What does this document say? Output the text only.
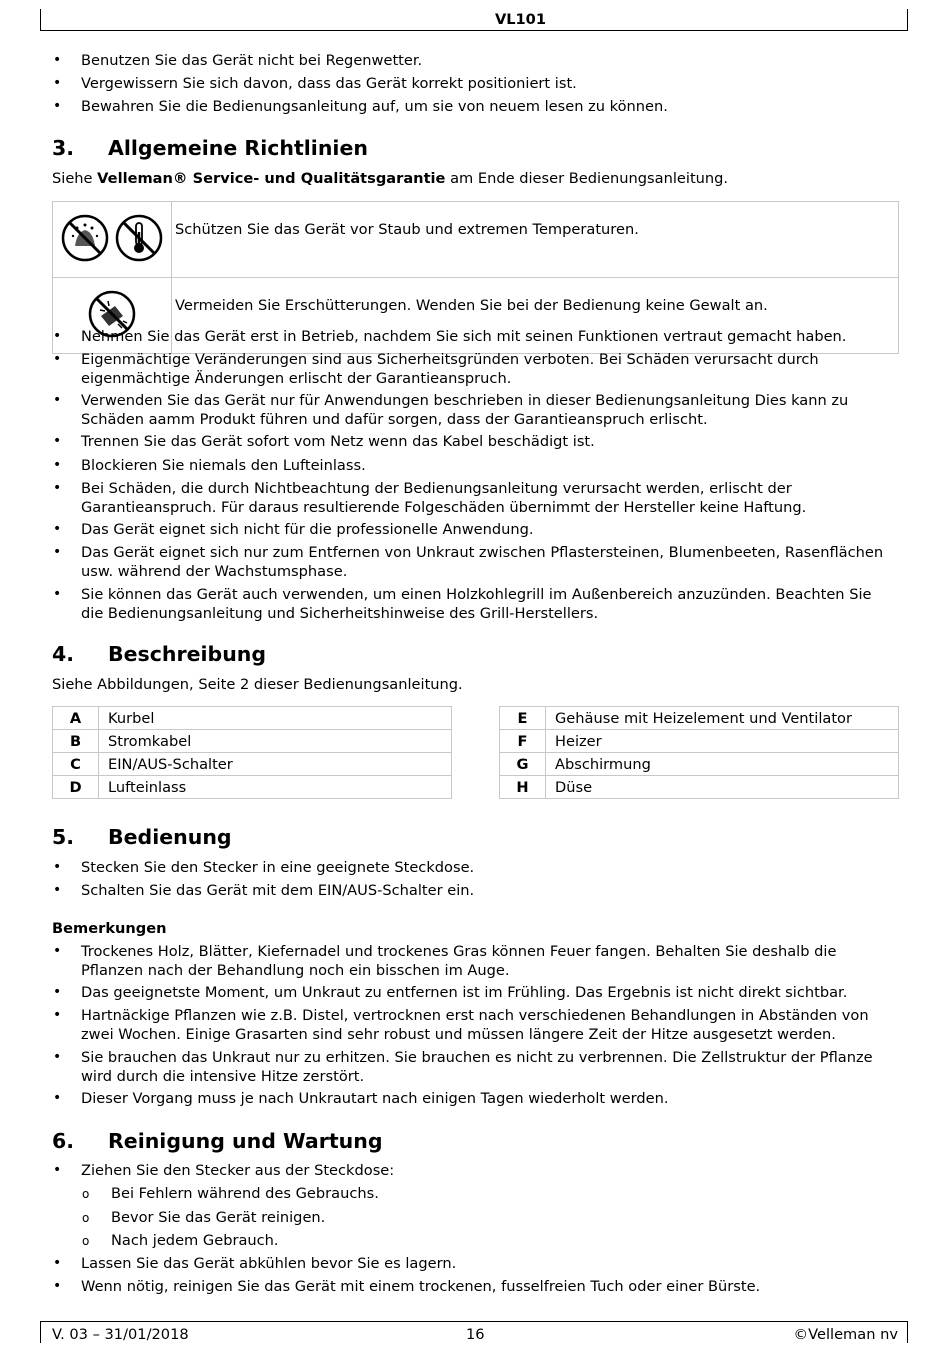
VL101
• Benutzen Sie das Gerät nicht bei Regenwetter.
• Vergewissern Sie sich davon, dass das Gerät korrekt positioniert ist.
• Bewahren Sie die Bedienungsanleitung auf, um sie von neuem lesen zu können.
3. Allgemeine Richtlinien
Siehe Velleman® Service- und Qualitätsgarantie am Ende dieser Bedienungsanleitung.
	Schützen Sie das Gerät vor Staub und extremen Temperaturen.
	Vermeiden Sie Erschütterungen. Wenden Sie bei der Bedienung keine Gewalt an.
• Nehmen Sie das Gerät erst in Betrieb, nachdem Sie sich mit seinen Funktionen vertraut gemacht haben.
• Eigenmächtige Veränderungen sind aus Sicherheitsgründen verboten. Bei Schäden verursacht durch eigenmächtige Änderungen erlischt der Garantieanspruch.
• Verwenden Sie das Gerät nur für Anwendungen beschrieben in dieser Bedienungsanleitung Dies kann zu Schäden aamm Produkt führen und dafür sorgen, dass der Garantieanspruch erlischt.
• Trennen Sie das Gerät sofort vom Netz wenn das Kabel beschädigt ist.
• Blockieren Sie niemals den Lufteinlass.
• Bei Schäden, die durch Nichtbeachtung der Bedienungsanleitung verursacht werden, erlischt der Garantieanspruch. Für daraus resultierende Folgeschäden übernimmt der Hersteller keine Haftung.
• Das Gerät eignet sich nicht für die professionelle Anwendung.
• Das Gerät eignet sich nur zum Entfernen von Unkraut zwischen Pflastersteinen, Blumenbeeten, Rasenflächen usw. während der Wachstumsphase.
• Sie können das Gerät auch verwenden, um einen Holzkohlegrill im Außenbereich anzuzünden. Beachten Sie die Bedienungsanleitung und Sicherheitshinweise des Grill-Herstellers.
4. Beschreibung
Siehe Abbildungen, Seite 2 dieser Bedienungsanleitung.
A	Kurbel
B	Stromkabel
C	EIN/AUS-Schalter
D	Lufteinlass
E	Gehäuse mit Heizelement und Ventilator
F	Heizer
G	Abschirmung
H	Düse
5. Bedienung
• Stecken Sie den Stecker in eine geeignete Steckdose.
• Schalten Sie das Gerät mit dem EIN/AUS-Schalter ein.
Bemerkungen
• Trockenes Holz, Blätter, Kiefernadel und trockenes Gras können Feuer fangen. Behalten Sie deshalb die Pflanzen nach der Behandlung noch ein bisschen im Auge.
• Das geeignetste Moment, um Unkraut zu entfernen ist im Frühling. Das Ergebnis ist nicht direkt sichtbar.
• Hartnäckige Pflanzen wie z.B. Distel, vertrocknen erst nach verschiedenen Behandlungen in Abständen von zwei Wochen. Einige Grasarten sind sehr robust und müssen längere Zeit der Hitze ausgesetzt werden.
• Sie brauchen das Unkraut nur zu erhitzen. Sie brauchen es nicht zu verbrennen. Die Zellstruktur der Pflanze wird durch die intensive Hitze zerstört.
• Dieser Vorgang muss je nach Unkrautart nach einigen Tagen wiederholt werden.
6. Reinigung und Wartung
• Ziehen Sie den Stecker aus der Steckdose:
o Bei Fehlern während des Gebrauchs.
o Bevor Sie das Gerät reinigen.
o Nach jedem Gebrauch.
• Lassen Sie das Gerät abkühlen bevor Sie es lagern.
• Wenn nötig, reinigen Sie das Gerät mit einem trockenen, fusselfreien Tuch oder einer Bürste.
V. 03 – 31/01/2018	16	©Velleman nv
